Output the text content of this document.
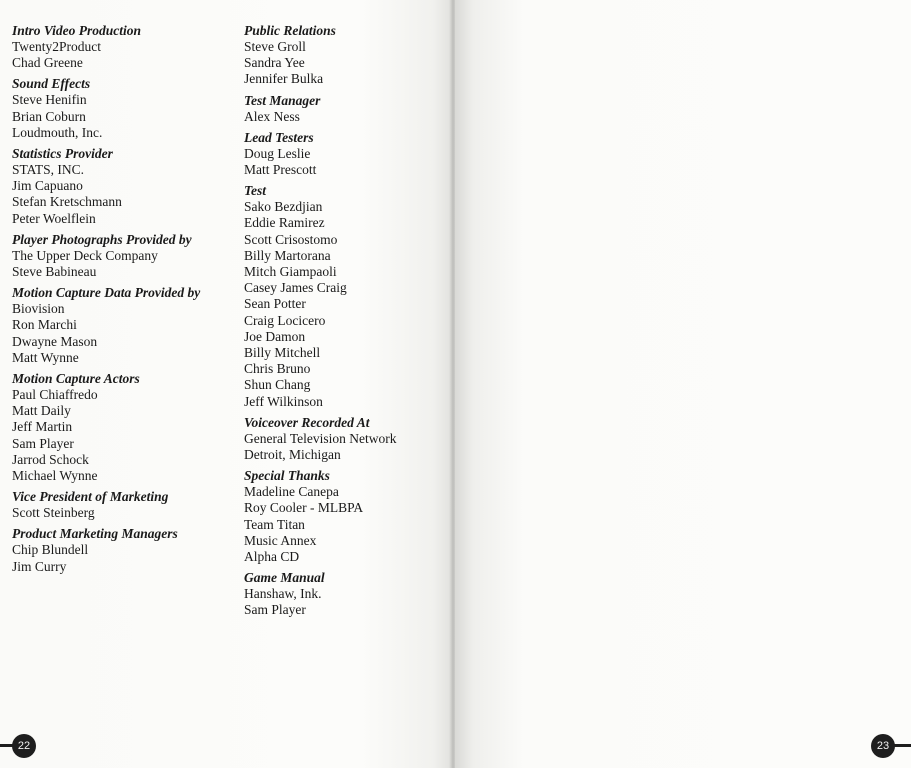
Intro Video Production
Twenty2Product
Chad Greene
Sound Effects
Steve Henifin
Brian Coburn
Loudmouth, Inc.
Statistics Provider
STATS, INC.
Jim Capuano
Stefan Kretschmann
Peter Woelflein
Player Photographs Provided by
The Upper Deck Company
Steve Babineau
Motion Capture Data Provided by
Biovision
Ron Marchi
Dwayne Mason
Matt Wynne
Motion Capture Actors
Paul Chiaffredo
Matt Daily
Jeff Martin
Sam Player
Jarrod Schock
Michael Wynne
Vice President of Marketing
Scott Steinberg
Product Marketing Managers
Chip Blundell
Jim Curry
Public Relations
Steve Groll
Sandra Yee
Jennifer Bulka
Test Manager
Alex Ness
Lead Testers
Doug Leslie
Matt Prescott
Test
Sako Bezdjian
Eddie Ramirez
Scott Crisostomo
Billy Martorana
Mitch Giampaoli
Casey James Craig
Sean Potter
Craig Locicero
Joe Damon
Billy Mitchell
Chris Bruno
Shun Chang
Jeff Wilkinson
Voiceover Recorded At
General Television Network
Detroit, Michigan
Special Thanks
Madeline Canepa
Roy Cooler - MLBPA
Team Titan
Music Annex
Alpha CD
Game Manual
Hanshaw, Ink.
Sam Player
22	23
